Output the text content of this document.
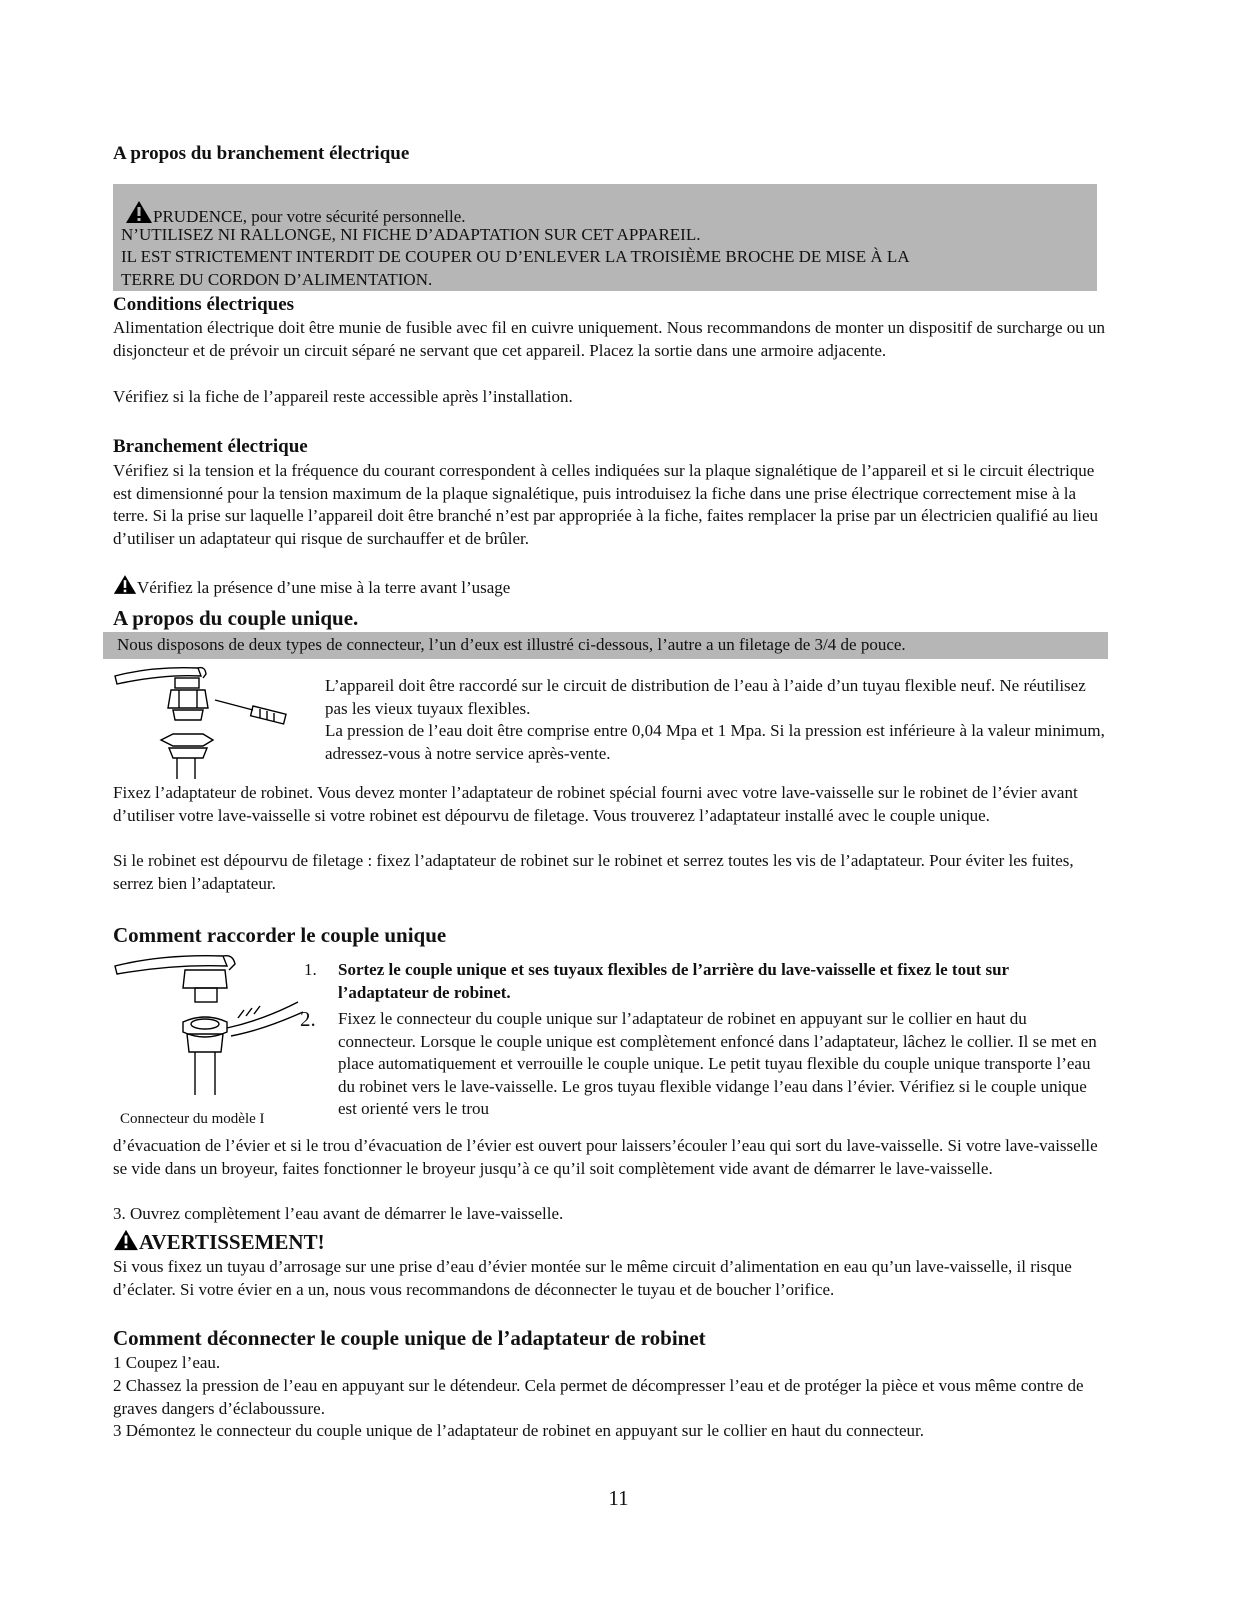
A propos du branchement électrique
PRUDENCE, pour votre sécurité personnelle.
N’UTILISEZ NI RALLONGE, NI FICHE D’ADAPTATION SUR CET APPAREIL.
IL EST STRICTEMENT INTERDIT DE COUPER OU D’ENLEVER LA TROISIÈME BROCHE DE MISE À LA
TERRE DU CORDON D’ALIMENTATION.
Conditions électriques

Alimentation électrique doit être munie de fusible avec fil en cuivre uniquement. Nous recommandons de monter un dispositif de surcharge ou un disjoncteur et de prévoir un circuit séparé ne servant que cet appareil. Placez la sortie dans une armoire adjacente.

Vérifiez si la fiche de l’appareil reste accessible après l’installation.

Branchement électrique

Vérifiez si la tension et la fréquence du courant correspondent à celles indiquées sur la plaque signalétique de l’appareil et si le circuit électrique est dimensionné pour la tension maximum de la plaque signalétique, puis introduisez la fiche dans une prise électrique correctement mise à la terre. Si la prise sur laquelle l’appareil doit être branché n’est par appropriée à la fiche, faites remplacer la prise par un électricien qualifié au lieu d’utiliser un adaptateur qui risque de surchauffer et de brûler.

Vérifiez la présence d’une mise à la terre avant l’usage
A propos du couple unique.
Nous disposons de deux types de connecteur, l’un d’eux est illustré ci-dessous, l’autre a un filetage de 3/4 de pouce.

L’appareil doit être raccordé sur le circuit de distribution de l’eau à l’aide d’un tuyau flexible neuf. Ne réutilisez pas les vieux tuyaux flexibles.

La pression de l’eau doit être comprise entre 0,04 Mpa et 1 Mpa. Si la pression est inférieure à la valeur minimum, adressez-vous à notre service après-vente.

Fixez l’adaptateur de robinet. Vous devez monter l’adaptateur de robinet spécial fourni avec votre lave-vaisselle sur le robinet de l’évier avant d’utiliser votre lave-vaisselle si votre robinet est dépourvu de filetage. Vous trouverez l’adaptateur installé avec le couple unique.

Si le robinet est dépourvu de filetage : fixez l’adaptateur de robinet sur le robinet et serrez toutes les vis de l’adaptateur. Pour éviter les fuites, serrez bien l’adaptateur.

Comment raccorder le couple unique
Connecteur du modèle I
1. Sortez le couple unique et ses tuyaux flexibles de l’arrière du lave-vaisselle et fixez le tout sur l’adaptateur de robinet.

2. Fixez le connecteur du couple unique sur l’adaptateur de robinet en appuyant sur le collier en haut du connecteur. Lorsque le couple unique est complètement enfoncé dans l’adaptateur, lâchez le collier. Il se met en place automatiquement et verrouille le couple unique. Le petit tuyau flexible du couple unique transporte l’eau du robinet vers le lave-vaisselle. Le gros tuyau flexible vidange l’eau dans l’évier. Vérifiez si le couple unique est orienté vers le trou

d’évacuation de l’évier et si le trou d’évacuation de l’évier est ouvert pour laissers’écouler l’eau qui sort du lave-vaisselle. Si votre lave-vaisselle se vide dans un broyeur, faites fonctionner le broyeur jusqu’à ce qu’il soit complètement vide avant de démarrer le lave-vaisselle.

3. Ouvrez complètement l’eau avant de démarrer le lave-vaisselle.

AVERTISSEMENT!

Si vous fixez un tuyau d’arrosage sur une prise d’eau d’évier montée sur le même circuit d’alimentation en eau qu’un lave-vaisselle, il risque d’éclater. Si votre évier en a un, nous vous recommandons de déconnecter le tuyau et de boucher l’orifice.

Comment déconnecter le couple unique de l’adaptateur de robinet

1 Coupez l’eau.

2 Chassez la pression de l’eau en appuyant sur le détendeur. Cela permet de décompresser l’eau et de protéger la pièce et vous même contre de graves dangers d’éclaboussure.

3 Démontez le connecteur du couple unique de l’adaptateur de robinet en appuyant sur le collier en haut du connecteur.

11
